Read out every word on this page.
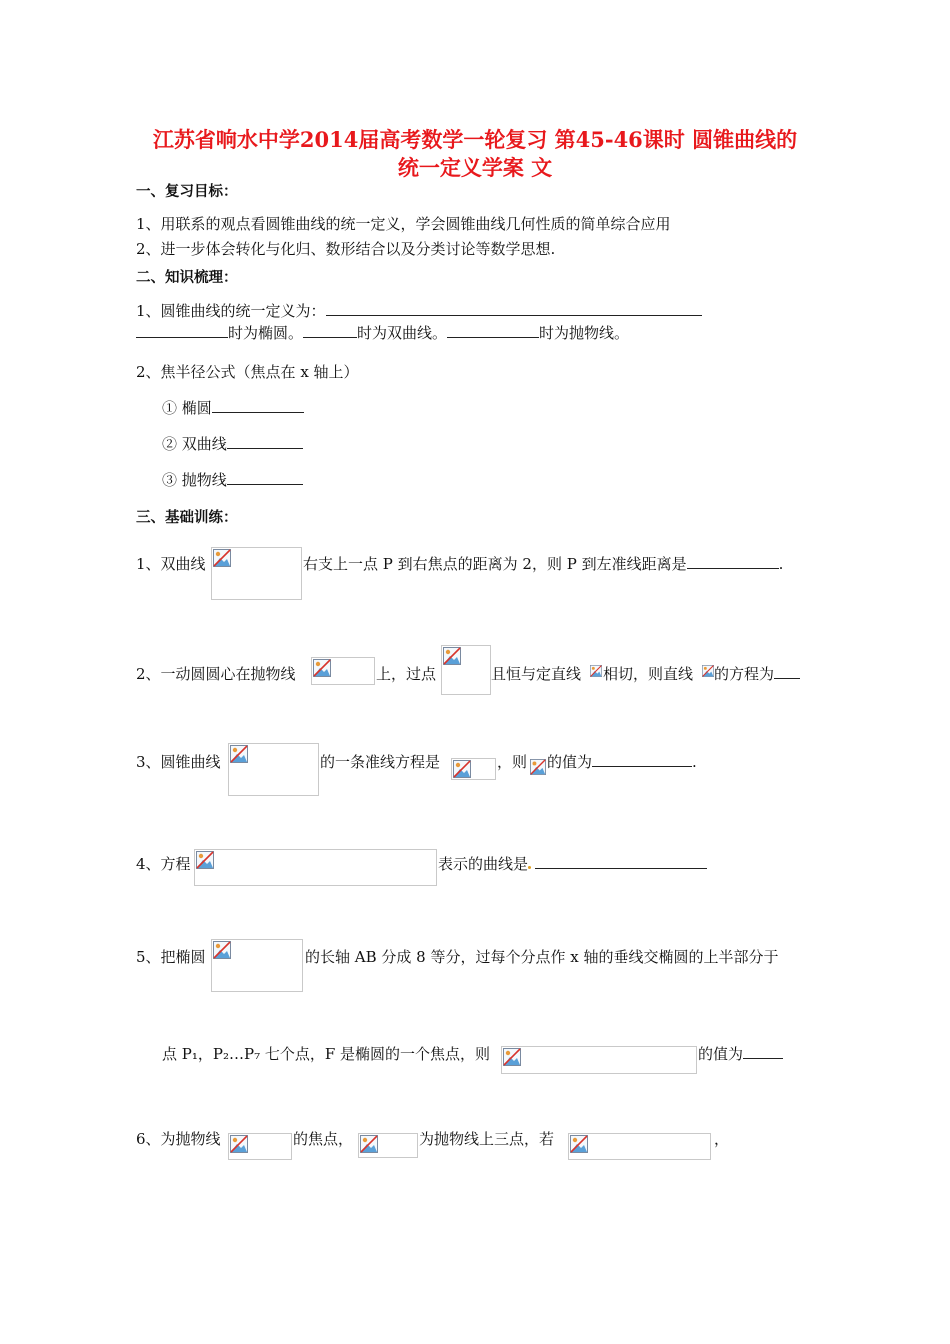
江苏省响水中学2014届高考数学一轮复习 第45-46课时 圆锥曲线的
统一定义学案 文
一、复习目标：
1、用联系的观点看圆锥曲线的统一定义，学会圆锥曲线几何性质的简单综合应用
2、进一步体会转化与化归、数形结合以及分类讨论等数学思想.
二、知识梳理：
1、圆锥曲线的统一定义为：
时为椭圆。	时为双曲线。	时为抛物线。
2、焦半径公式（焦点在 x 轴上）
① 椭圆
② 双曲线
③ 抛物线
三、基础训练：
1、双曲线	右支上一点 P 到右焦点的距离为 2，则 P 到左准线距离是	.
2、一动圆圆心在抛物线	上，过点	且恒与定直线 相切，则直线 的方程为
3、圆锥曲线	的一条准线方程是	，则 的值为	.
4、方程	表示的曲线是
5、把椭圆	的长轴 AB 分成 8 等分，过每个分点作 x 轴的垂线交椭圆的上半部分于
点 P₁，P₂…P₇ 七个点，F 是椭圆的一个焦点，则	的值为
6、为抛物线	的焦点，	为抛物线上三点，若	，
